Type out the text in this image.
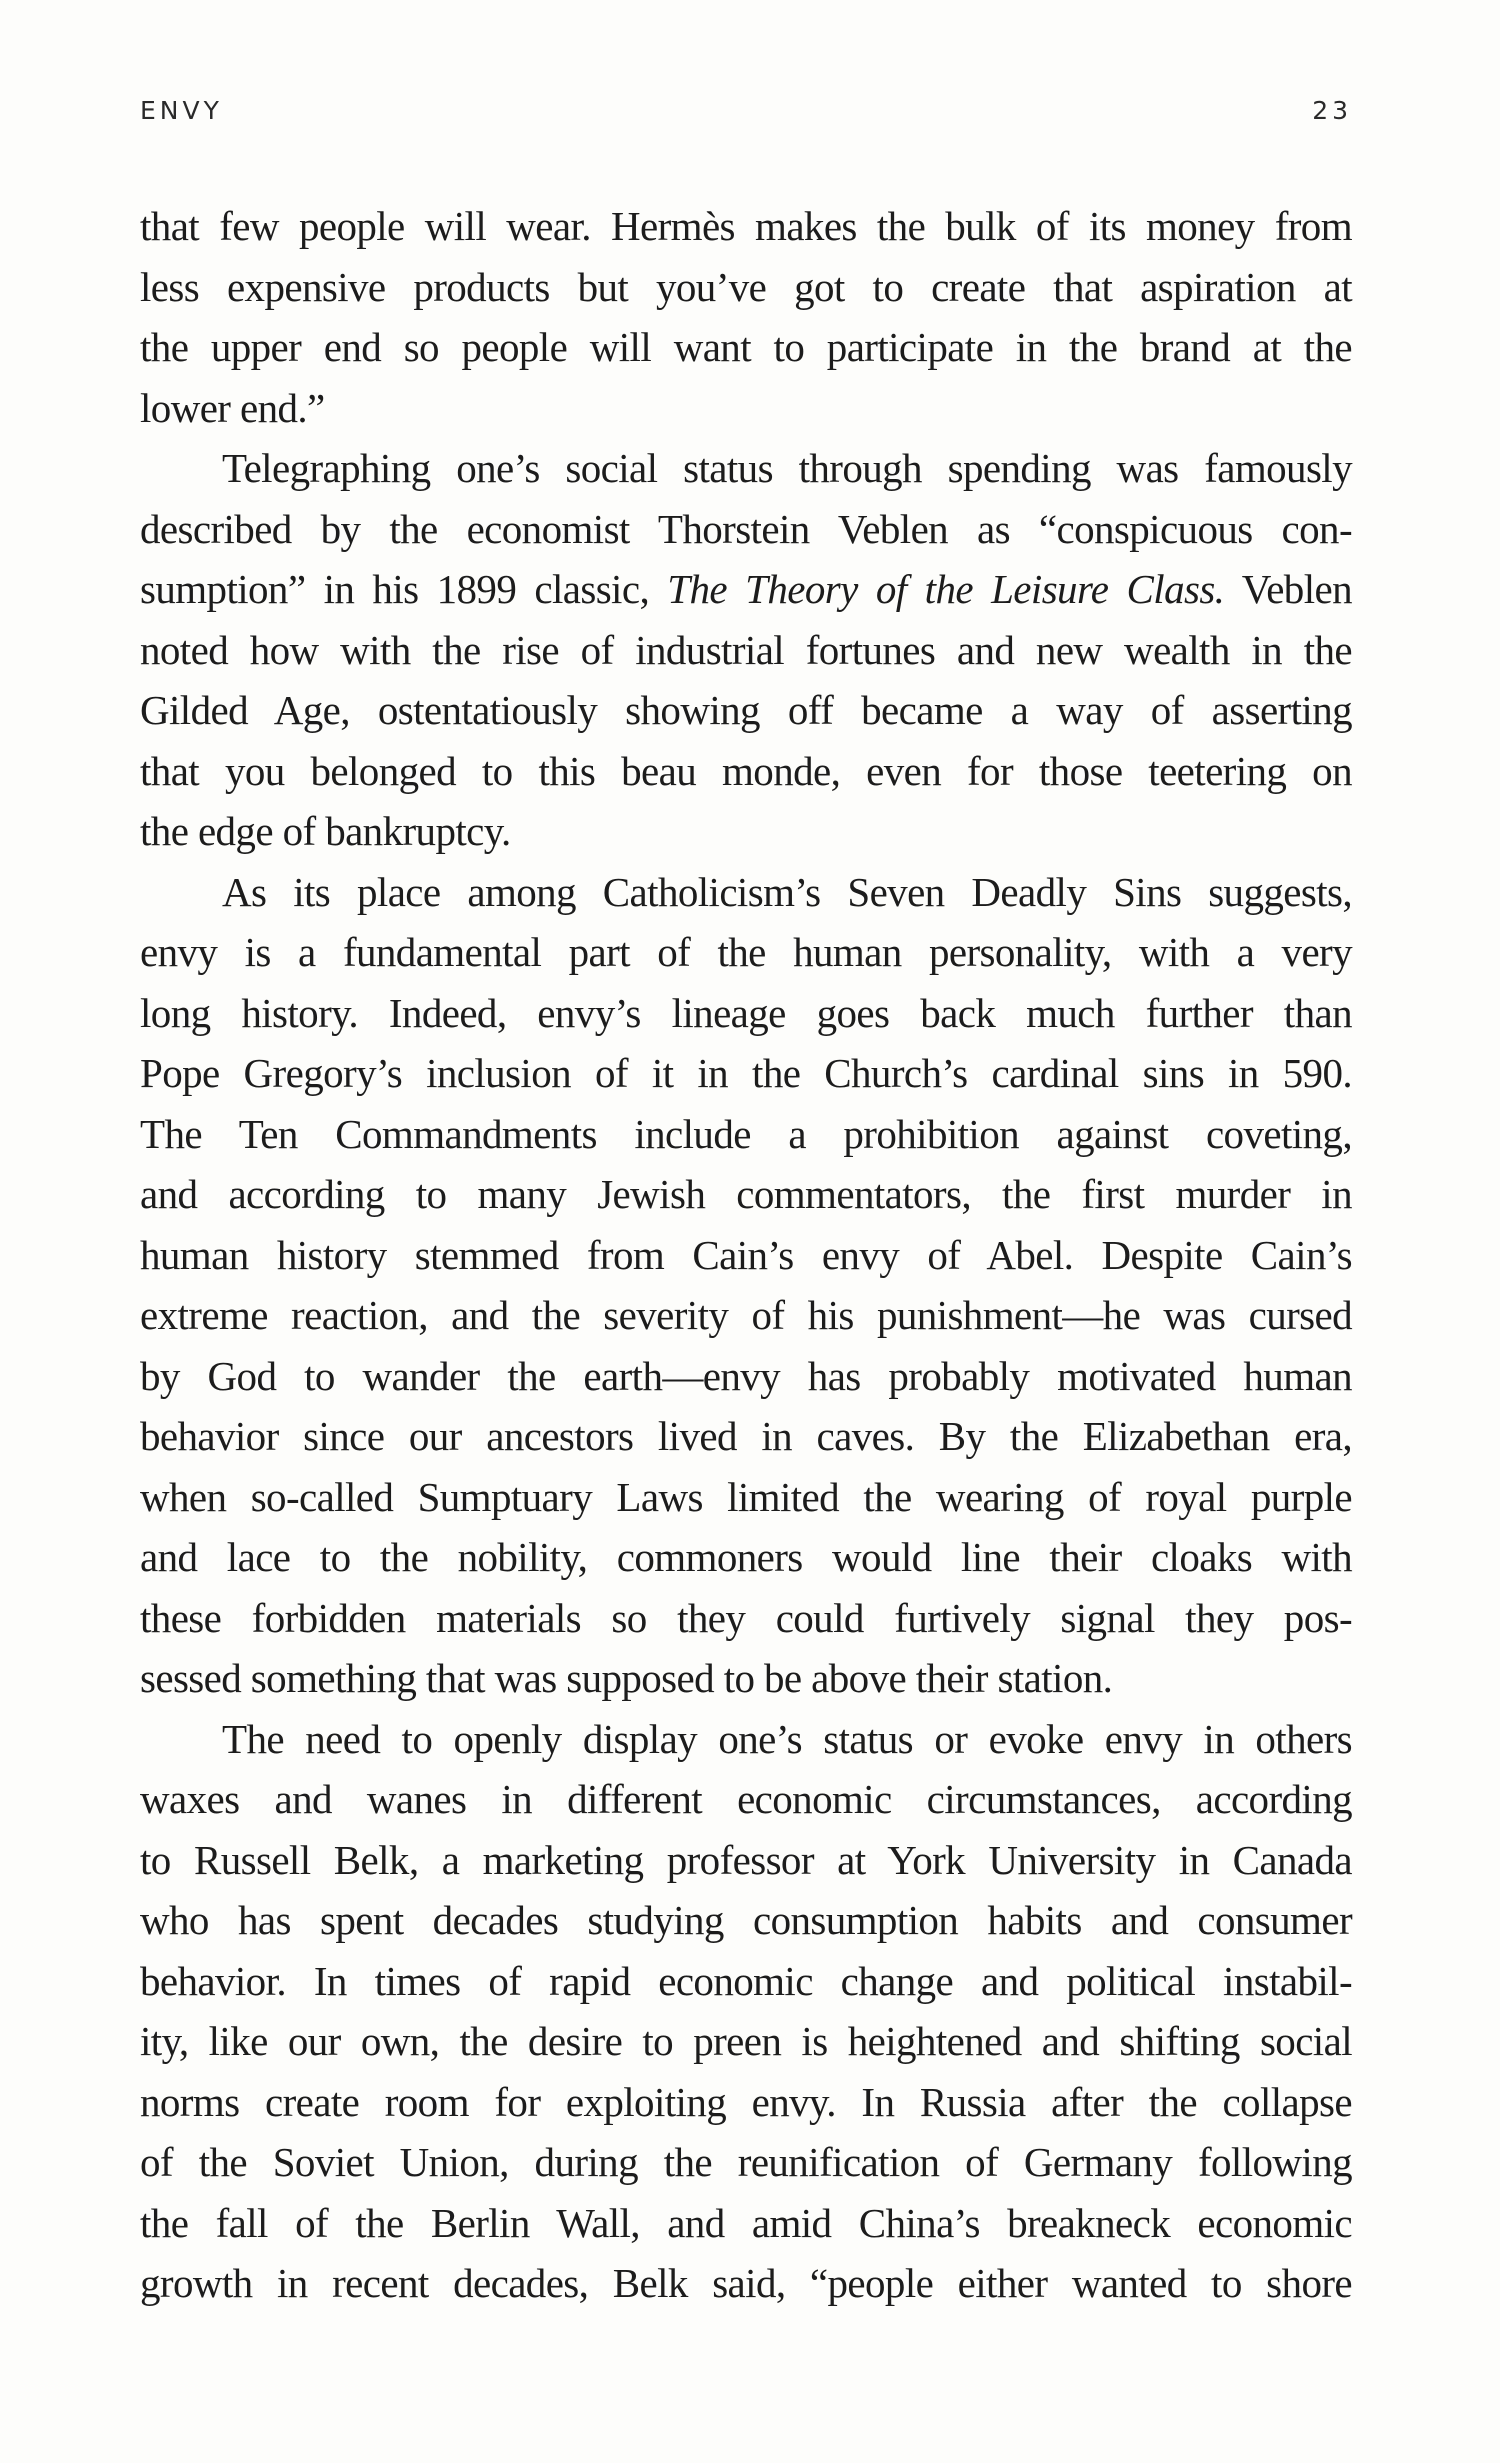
ENVY	23
that few people will wear. Hermès makes the bulk of its money from
less expensive products but you’ve got to create that aspiration at
the upper end so people will want to participate in the brand at the
lower end.”
Telegraphing one’s social status through spending was famously
described by the economist Thorstein Veblen as “conspicuous con-
sumption” in his 1899 classic, The Theory of the Leisure Class. Veblen
noted how with the rise of industrial fortunes and new wealth in the
Gilded Age, ostentatiously showing off became a way of asserting
that you belonged to this beau monde, even for those teetering on
the edge of bankruptcy.
As its place among Catholicism’s Seven Deadly Sins suggests,
envy is a fundamental part of the human personality, with a very
long history. Indeed, envy’s lineage goes back much further than
Pope Gregory’s inclusion of it in the Church’s cardinal sins in 590.
The Ten Commandments include a prohibition against coveting,
and according to many Jewish commentators, the first murder in
human history stemmed from Cain’s envy of Abel. Despite Cain’s
extreme reaction, and the severity of his punishment—he was cursed
by God to wander the earth—envy has probably motivated human
behavior since our ancestors lived in caves. By the Elizabethan era,
when so-called Sumptuary Laws limited the wearing of royal purple
and lace to the nobility, commoners would line their cloaks with
these forbidden materials so they could furtively signal they pos-
sessed something that was supposed to be above their station.
The need to openly display one’s status or evoke envy in others
waxes and wanes in different economic circumstances, according
to Russell Belk, a marketing professor at York University in Canada
who has spent decades studying consumption habits and consumer
behavior. In times of rapid economic change and political instabil-
ity, like our own, the desire to preen is heightened and shifting social
norms create room for exploiting envy. In Russia after the collapse
of the Soviet Union, during the reunification of Germany following
the fall of the Berlin Wall, and amid China’s breakneck economic
growth in recent decades, Belk said, “people either wanted to shore
